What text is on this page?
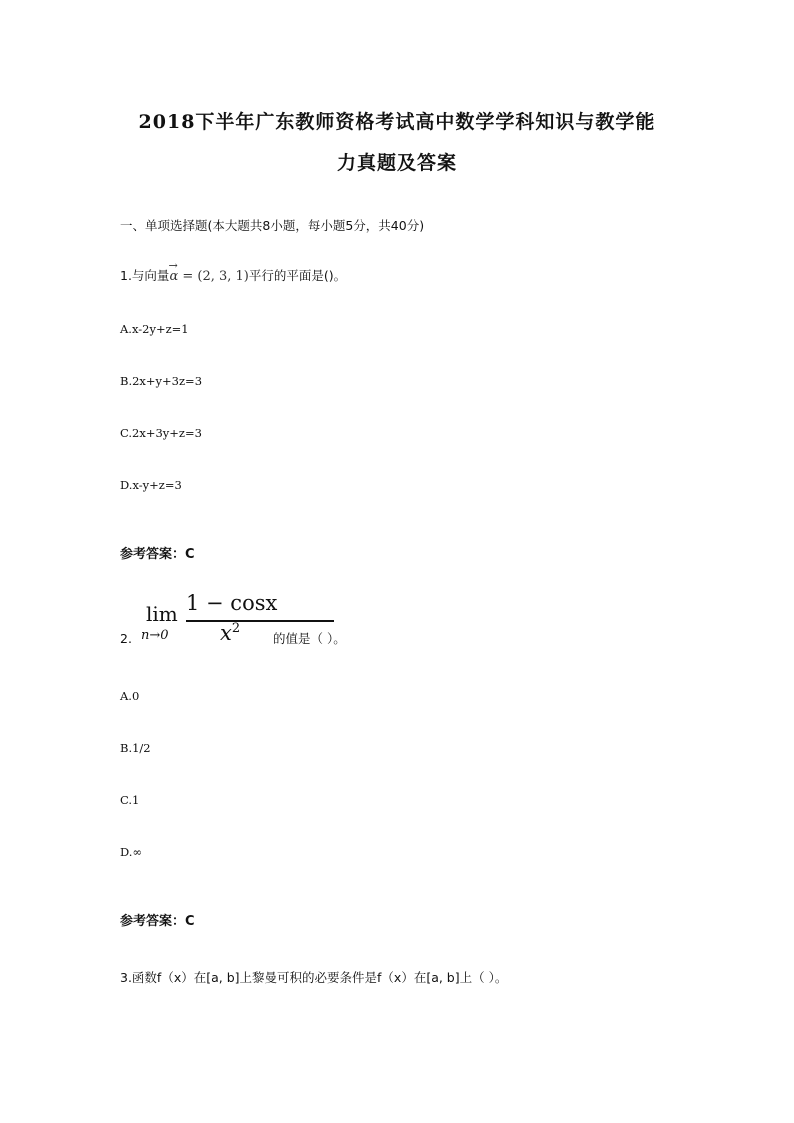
2018下半年广东教师资格考试高中数学学科知识与教学能
力真题及答案
一、单项选择题(本大题共8小题，每小题5分，共40分)
1.与向量
→
α = (2, 3, 1)平行的平面是()。
A.x-2y+z=1
B.2x+y+3z=3
C.2x+3y+z=3
D.x-y+z=3
参考答案：C
2.
lim
n→0
1 − cosx
$x^2$
的值是（ ）。
A.0
B.1/2
C.1
D.∞
参考答案：C
3.函数f（x）在[a, b]上黎曼可积的必要条件是f（x）在[a, b]上（ ）。
